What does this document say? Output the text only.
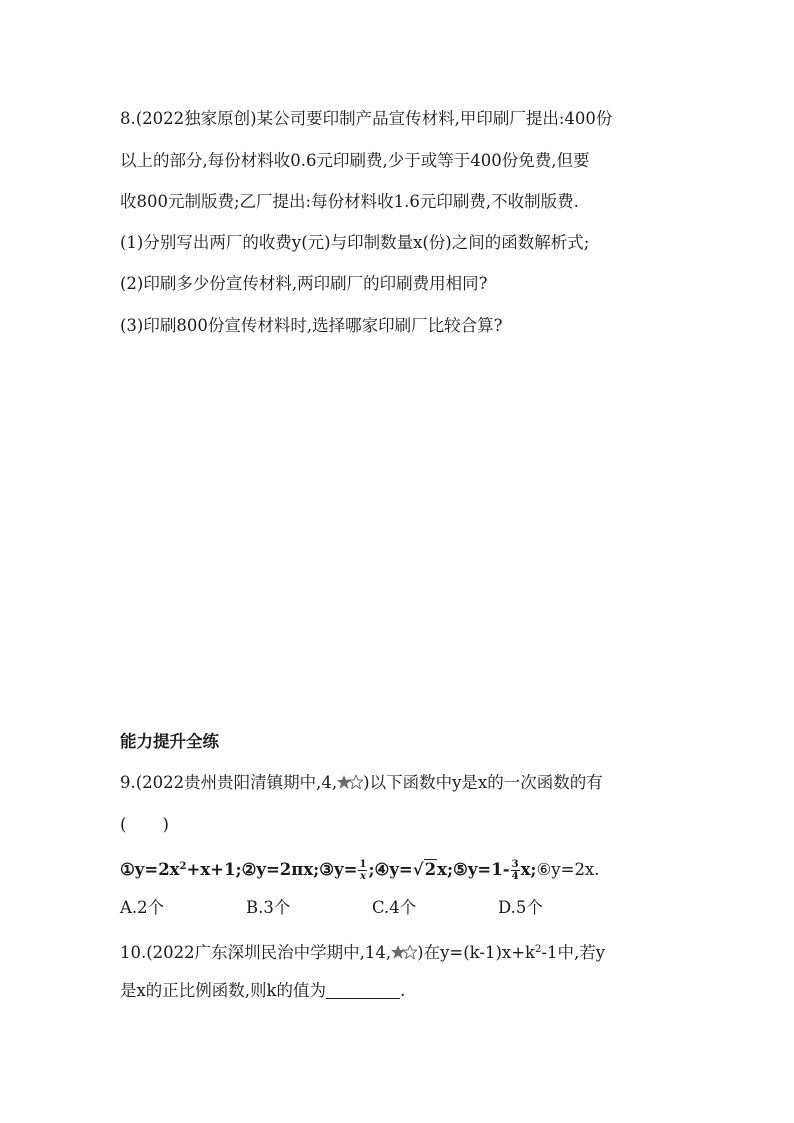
8.(2022独家原创)某公司要印制产品宣传材料,甲印刷厂提出:400份
以上的部分,每份材料收0.6元印刷费,少于或等于400份免费,但要
收800元制版费;乙厂提出:每份材料收1.6元印刷费,不收制版费.
(1)分别写出两厂的收费y(元)与印制数量x(份)之间的函数解析式;
(2)印刷多少份宣传材料,两印刷厂的印刷费用相同?
(3)印刷800份宣传材料时,选择哪家印刷厂比较合算?
能力提升全练
9.(2022贵州贵阳清镇期中,4, )以下函数中y是x的一次函数的有
( )
$①y=2x^2+x+1;②y=2\pi x;③y= \frac{1}{x}$ ;④y=√2x;⑤y=1- $\frac{3}{4}$ x;⑥y=2x.
A.2个	B.3个	C.4个	D.5个
10.(2022广东深圳民治中学期中,14, )在$y=(k-1)x+k^2-1$中,若y
是x的正比例函数,则k的值为	.
